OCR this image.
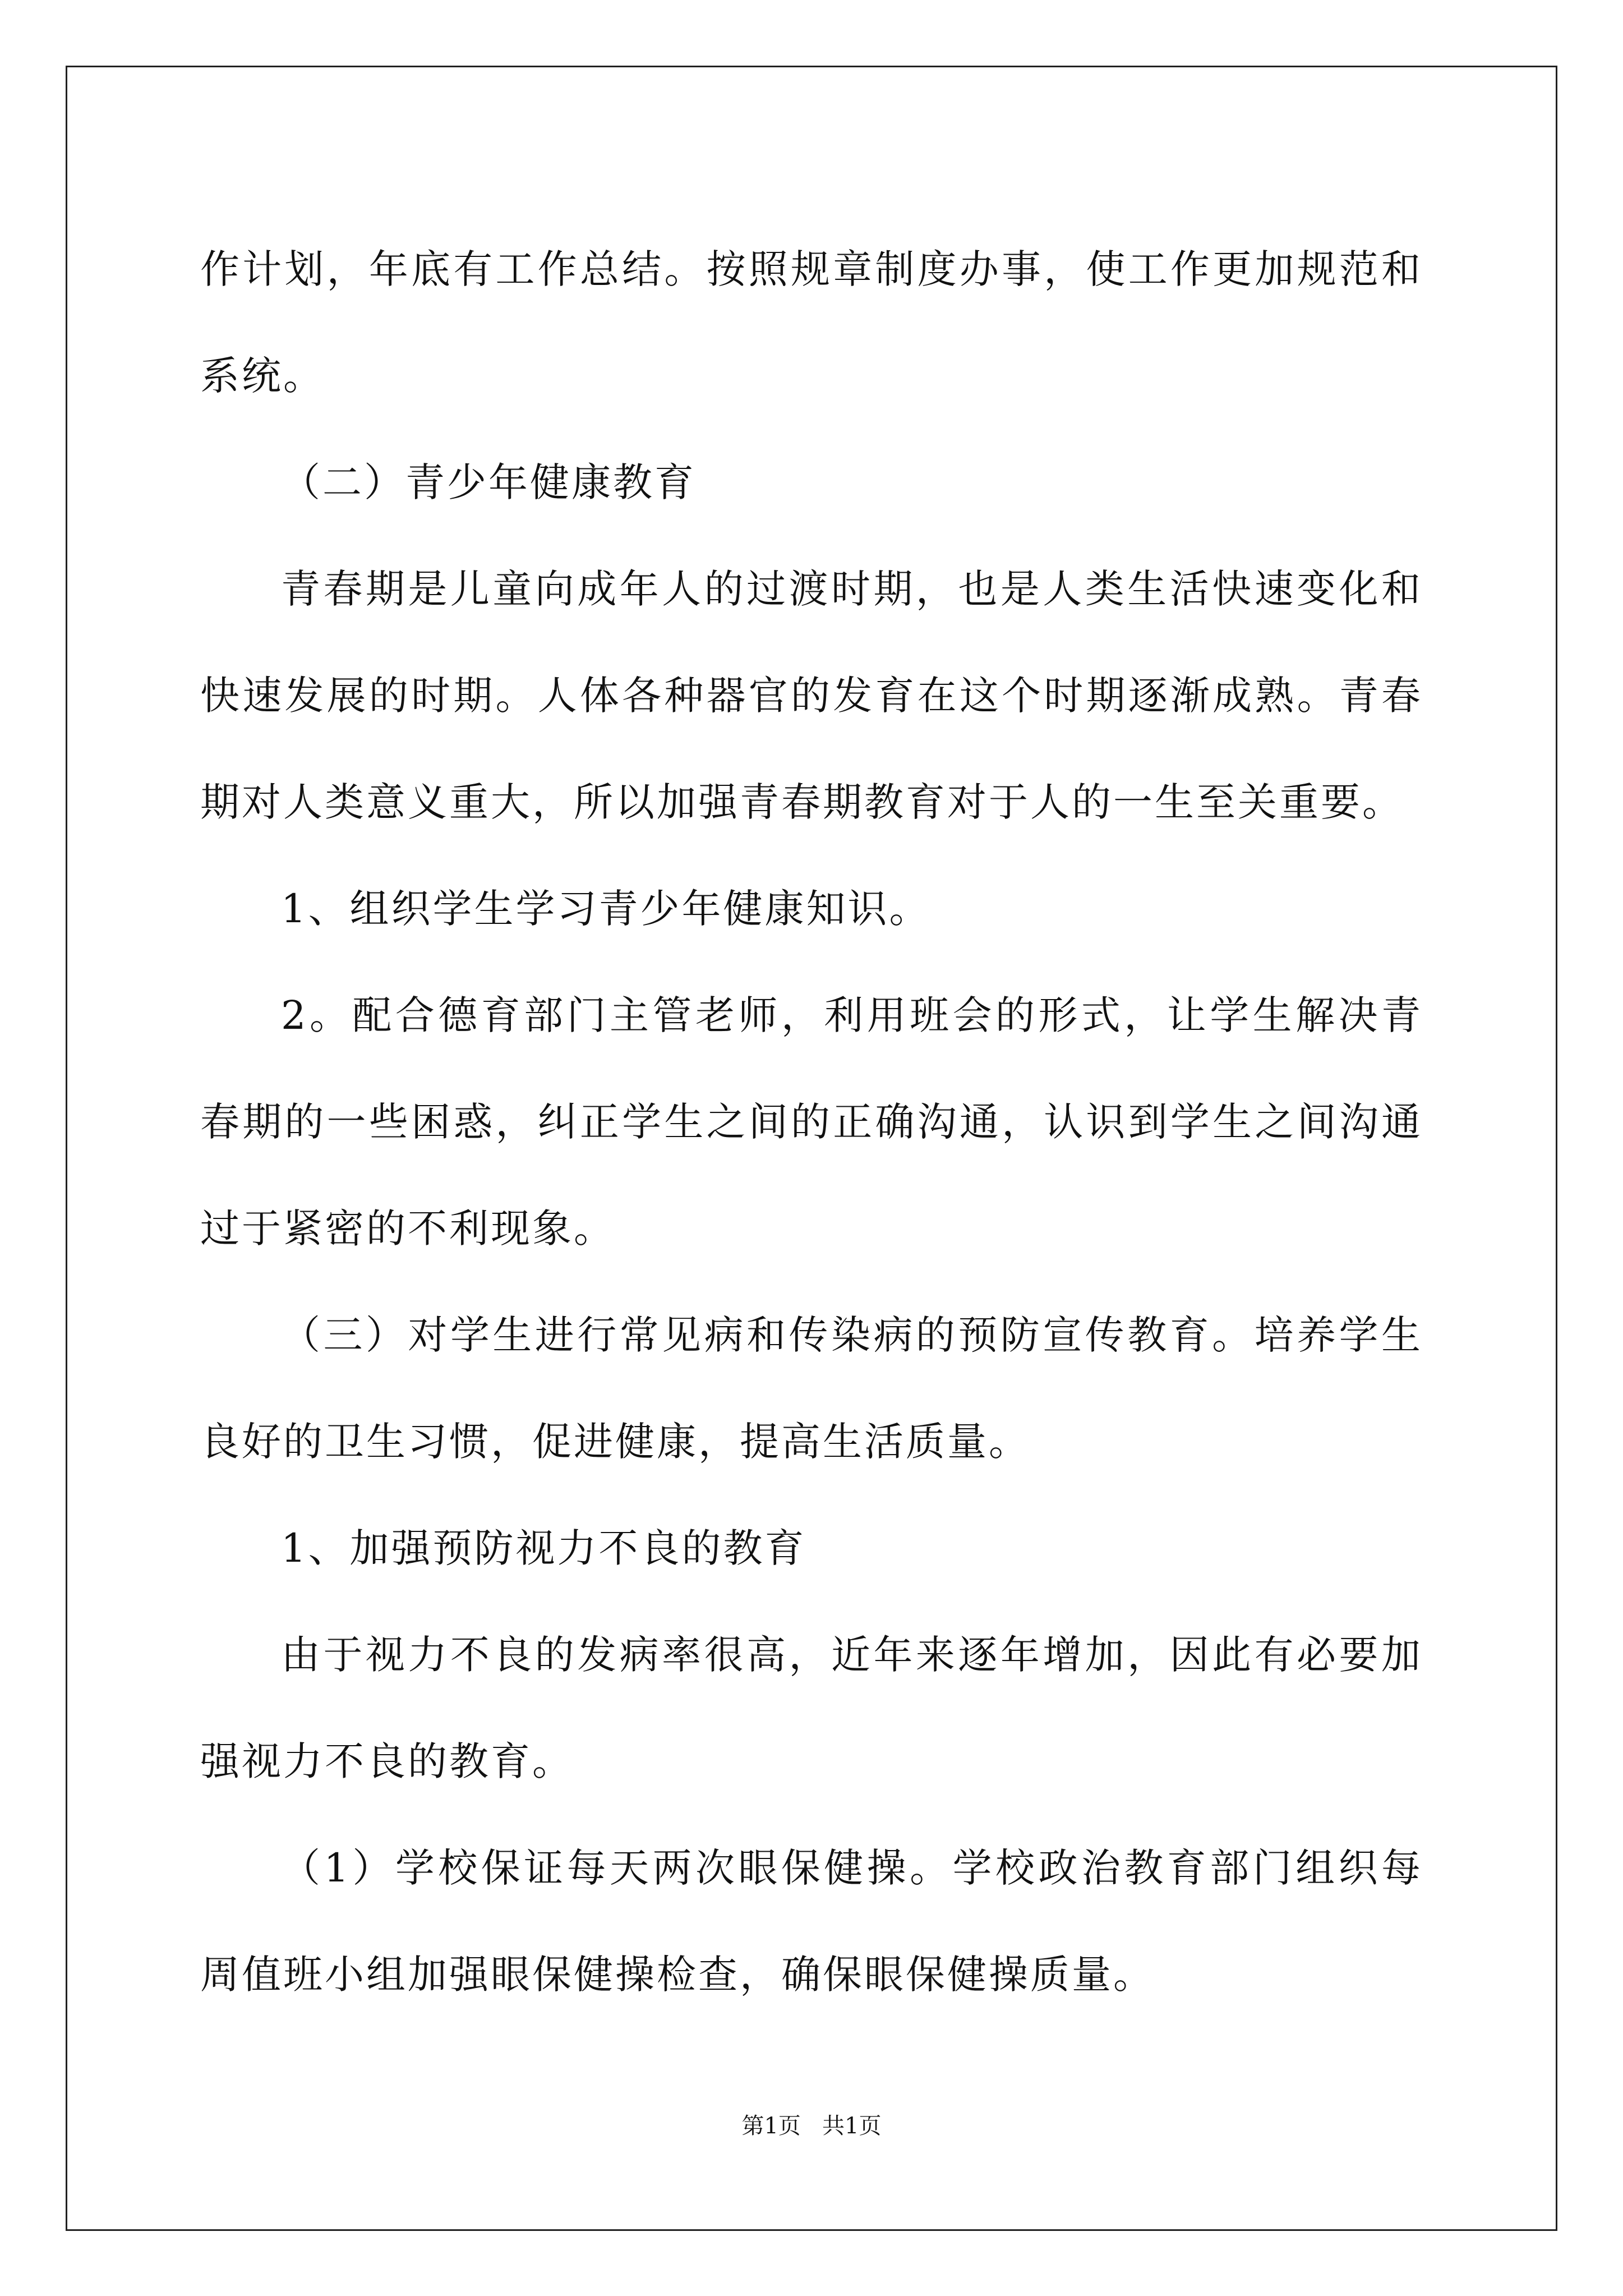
作计划，年底有工作总结。按照规章制度办事，使工作更加规范和系统。

（二）青少年健康教育

青春期是儿童向成年人的过渡时期，也是人类生活快速变化和快速发展的时期。人体各种器官的发育在这个时期逐渐成熟。青春期对人类意义重大，所以加强青春期教育对于人的一生至关重要。

1、组织学生学习青少年健康知识。

2。配合德育部门主管老师，利用班会的形式，让学生解决青春期的一些困惑，纠正学生之间的正确沟通，认识到学生之间沟通过于紧密的不利现象。

（三）对学生进行常见病和传染病的预防宣传教育。培养学生良好的卫生习惯，促进健康，提高生活质量。

1、加强预防视力不良的教育

由于视力不良的发病率很高，近年来逐年增加，因此有必要加强视力不良的教育。

（1）学校保证每天两次眼保健操。学校政治教育部门组织每周值班小组加强眼保健操检查，确保眼保健操质量。

第1页   共1页
